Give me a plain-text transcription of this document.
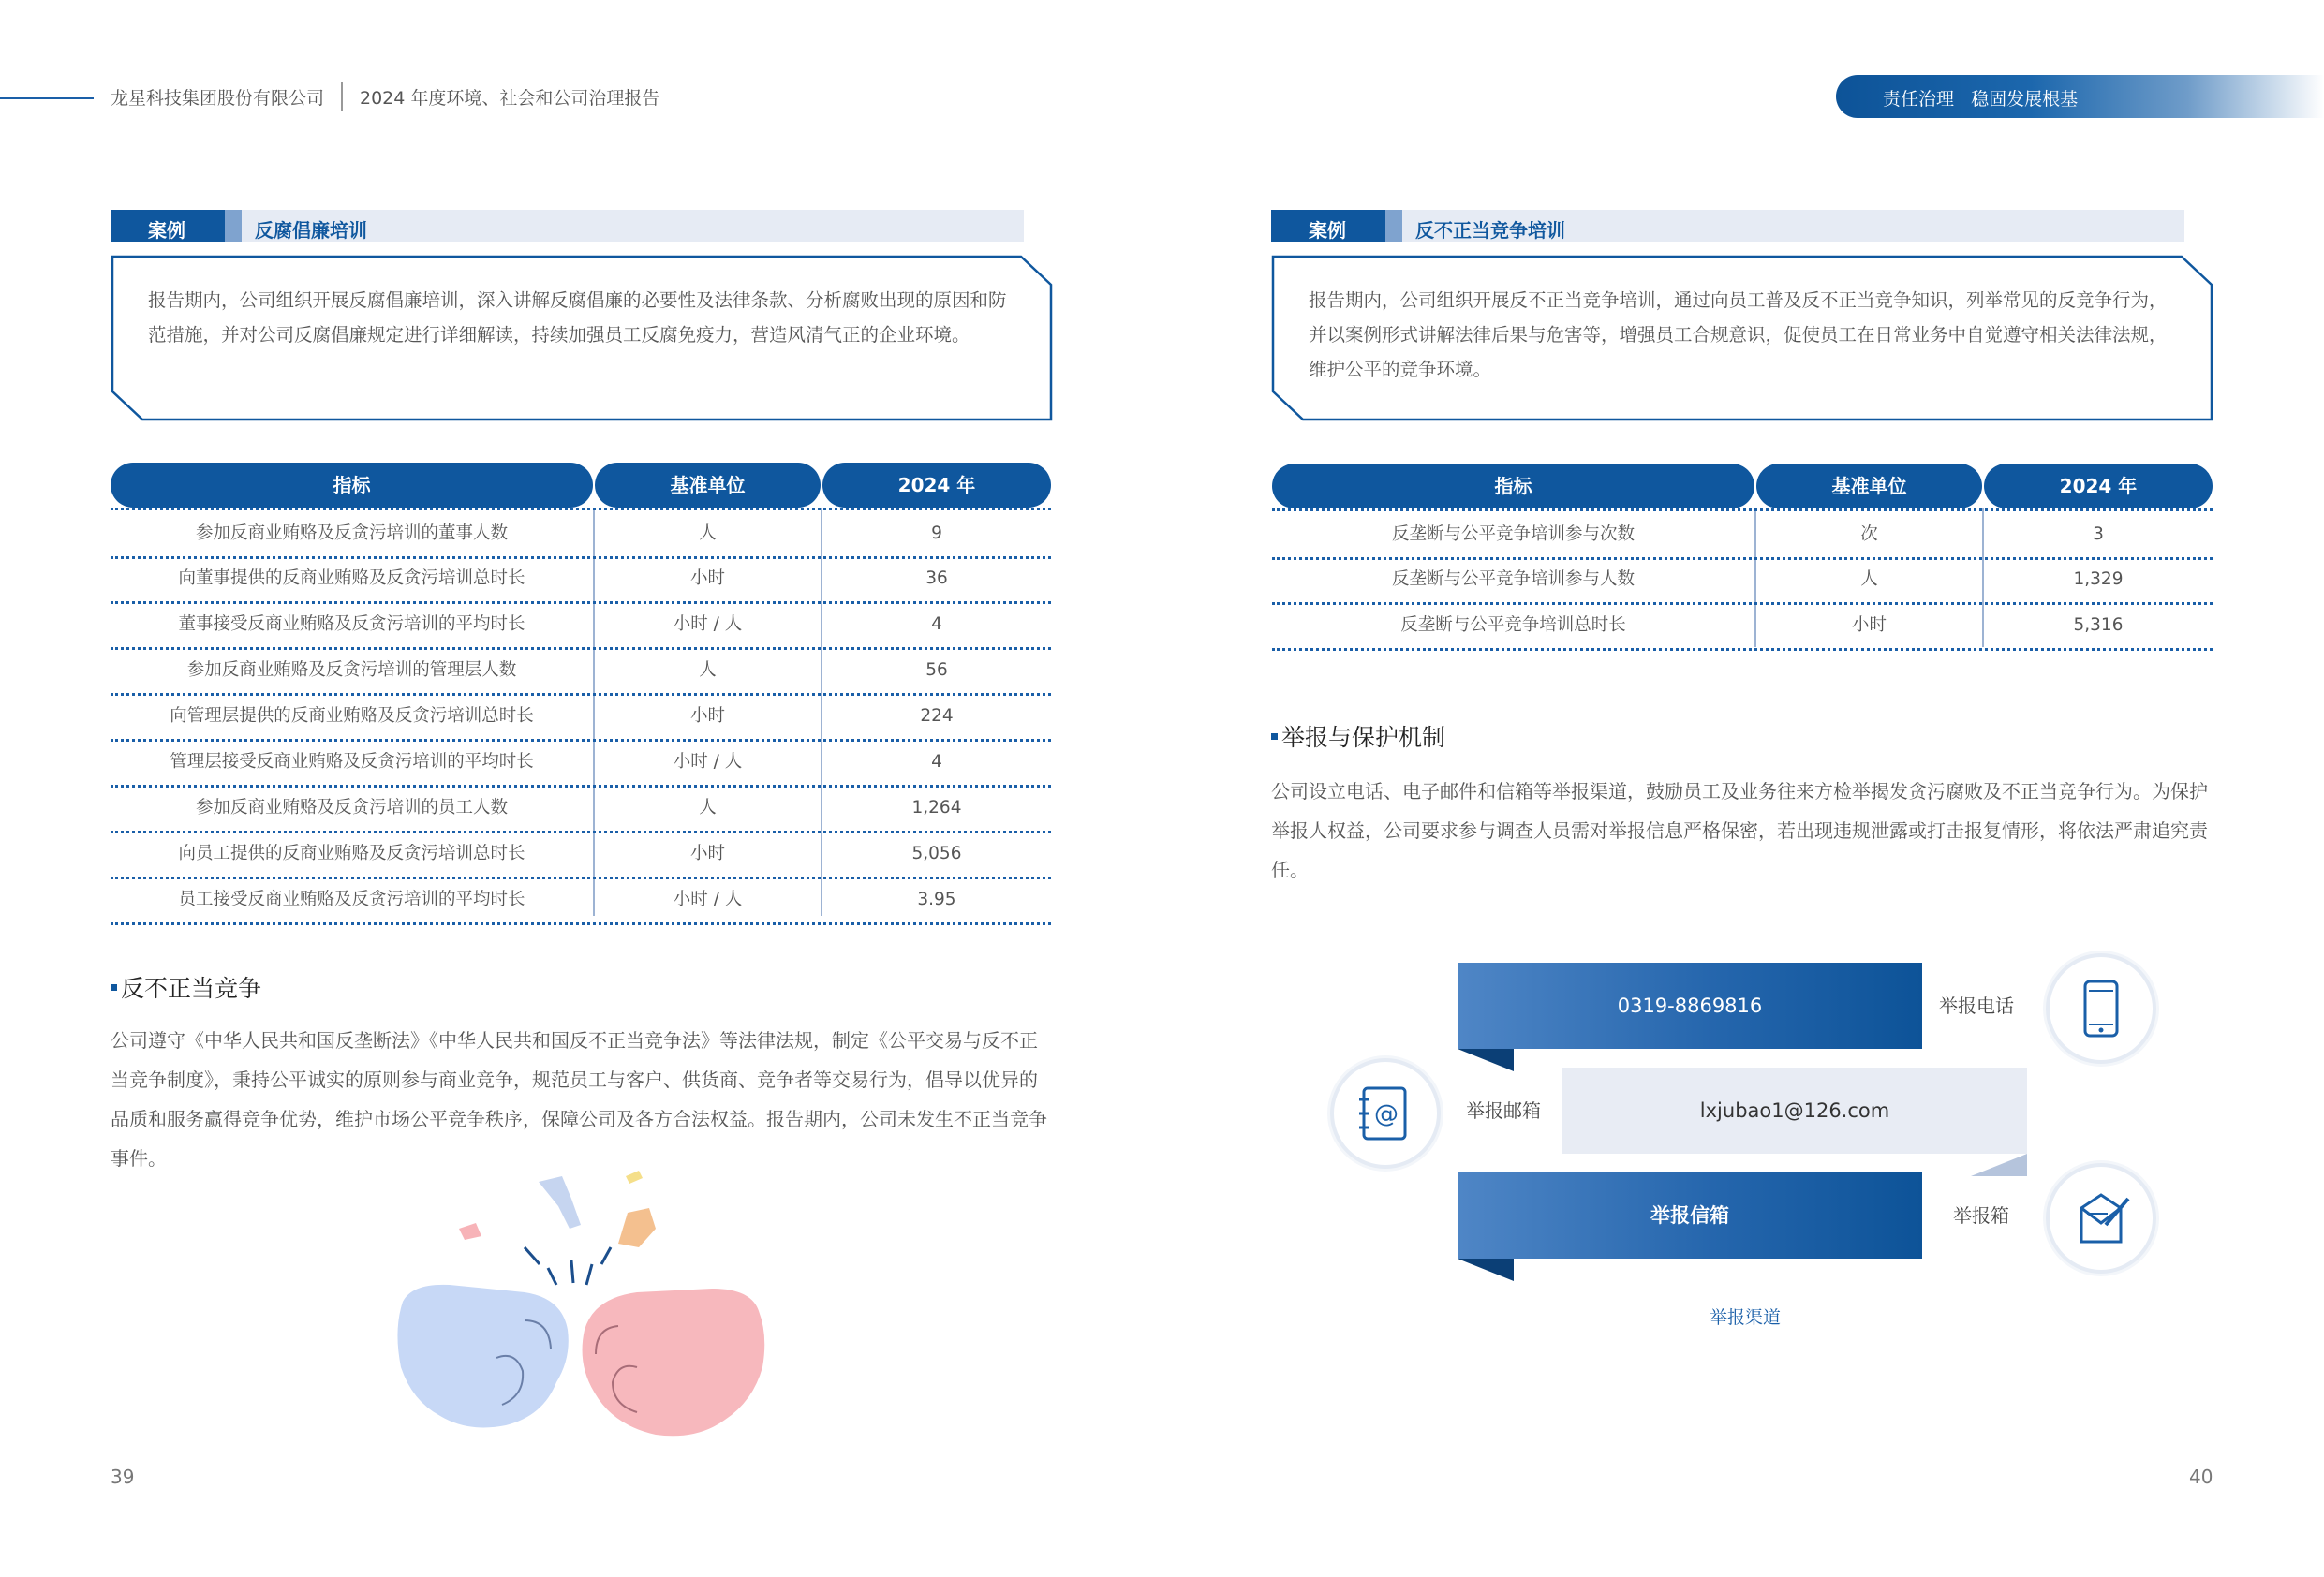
龙星科技集团股份有限公司 2024 年度环境、社会和公司治理报告	责任治理   稳固发展根基
案例	反腐倡廉培训
报告期内，公司组织开展反腐倡廉培训，深入讲解反腐倡廉的必要性及法律条款、分析腐败出现的原因和防范措施，并对公司反腐倡廉规定进行详细解读，持续加强员工反腐免疫力，营造风清气正的企业环境。
指标	基准单位	2024 年
参加反商业贿赂及反贪污培训的董事人数	人	9
向董事提供的反商业贿赂及反贪污培训总时长	小时	36
董事接受反商业贿赂及反贪污培训的平均时长	小时 / 人	4
参加反商业贿赂及反贪污培训的管理层人数	人	56
向管理层提供的反商业贿赂及反贪污培训总时长	小时	224
管理层接受反商业贿赂及反贪污培训的平均时长	小时 / 人	4
参加反商业贿赂及反贪污培训的员工人数	人	1,264
向员工提供的反商业贿赂及反贪污培训总时长	小时	5,056
员工接受反商业贿赂及反贪污培训的平均时长	小时 / 人	3.95
反不正当竞争
公司遵守《中华人民共和国反垄断法》《中华人民共和国反不正当竞争法》等法律法规，制定《公平交易与反不正当竞争制度》，秉持公平诚实的原则参与商业竞争，规范员工与客户、供货商、竞争者等交易行为，倡导以优异的品质和服务赢得竞争优势，维护市场公平竞争秩序，保障公司及各方合法权益。报告期内，公司未发生不正当竞争事件。
39
案例	反不正当竞争培训
报告期内，公司组织开展反不正当竞争培训，通过向员工普及反不正当竞争知识，列举常见的反竞争行为，并以案例形式讲解法律后果与危害等，增强员工合规意识，促使员工在日常业务中自觉遵守相关法律法规，维护公平的竞争环境。
指标	基准单位	2024 年
反垄断与公平竞争培训参与次数	次	3
反垄断与公平竞争培训参与人数	人	1,329
反垄断与公平竞争培训总时长	小时	5,316
举报与保护机制
公司设立电话、电子邮件和信箱等举报渠道，鼓励员工及业务往来方检举揭发贪污腐败及不正当竞争行为。为保护举报人权益，公司要求参与调查人员需对举报信息严格保密，若出现违规泄露或打击报复情形，将依法严肃追究责任。
0319-8869816	举报电话
lxjubao1@126.com
举报邮箱
@
举报信箱	举报箱
举报渠道
40
